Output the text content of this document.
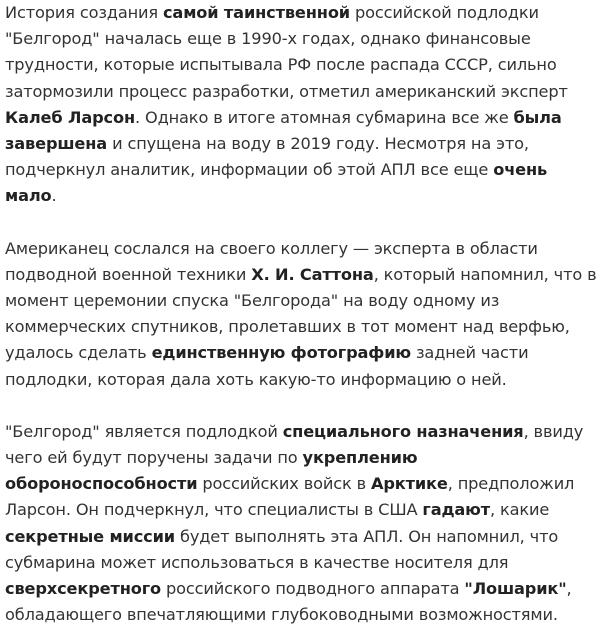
История создания самой таинственной российской подлодки "Белгород" началась еще в 1990-х годах, однако финансовые трудности, которые испытывала РФ после распада СССР, сильно затормозили процесс разработки, отметил американский эксперт Калеб Ларсон. Однако в итоге атомная субмарина все же была завершена и спущена на воду в 2019 году. Несмотря на это, подчеркнул аналитик, информации об этой АПЛ все еще очень мало.

Американец сослался на своего коллегу — эксперта в области подводной военной техники Х. И. Саттона, который напомнил, что в момент церемонии спуска "Белгорода" на воду одному из коммерческих спутников, пролетавших в тот момент над верфью, удалось сделать единственную фотографию задней части подлодки, которая дала хоть какую-то информацию о ней.

"Белгород" является подлодкой специального назначения, ввиду чего ей будут поручены задачи по укреплению обороноспособности российских войск в Арктике, предположил Ларсон. Он подчеркнул, что специалисты в США гадают, какие секретные миссии будет выполнять эта АПЛ. Он напомнил, что субмарина может использоваться в качестве носителя для сверхсекретного российского подводного аппарата "Лошарик", обладающего впечатляющими глубоководными возможностями.
